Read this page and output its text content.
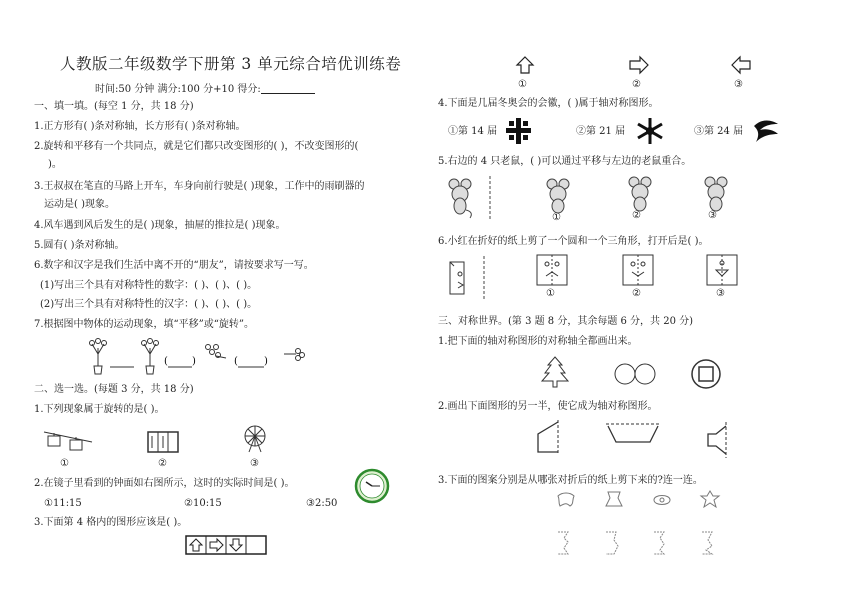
人教版二年级数学下册第 3 单元综合培优训练卷
时间:50 分钟 满分:100 分+10 得分:
一、填一填。(每空 1 分，共 18 分)
1.正方形有( )条对称轴，长方形有( )条对称轴。
2.旋转和平移有一个共同点，就是它们都只改变图形的( )，不改变图形的(
)。
3.王叔叔在笔直的马路上开车，车身向前行驶是( )现象，工作中的雨刷器的
运动是( )现象。
4.风车遇到风后发生的是( )现象，抽屉的推拉是( )现象。
5.圆有( )条对称轴。
6.数字和汉字是我们生活中离不开的“朋友”，请按要求写一写。
(1)写出三个具有对称特性的数字：( )、( )、( )。
(2)写出三个具有对称特性的汉字：( )、( )、( )。
7.根据图中物体的运动现象，填“平移”或“旋转”。
( )	(	)
二、选一选。(每题 3 分，共 18 分)
1.下列现象属于旋转的是( )。
①	②	③
2.在镜子里看到的钟面如右图所示，这时的实际时间是( )。
①11:15	②10:15	③2:50
3.下面第 4 格内的图形应该是( )。
①	②	③
4.下面是几届冬奥会的会徽，( )属于轴对称图形。
①第 14 届	②第 21 届	③第 24 届
5.右边的 4 只老鼠，( )可以通过平移与左边的老鼠重合。
①	②	③
6.小红在折好的纸上剪了一个圆和一个三角形，打开后是( )。
①	②	③
三、对称世界。(第 3 题 8 分，其余每题 6 分，共 20 分)
1.把下面的轴对称图形的对称轴全都画出来。
2.画出下面图形的另一半，使它成为轴对称图形。
3.下面的图案分别是从哪张对折后的纸上剪下来的?连一连。
